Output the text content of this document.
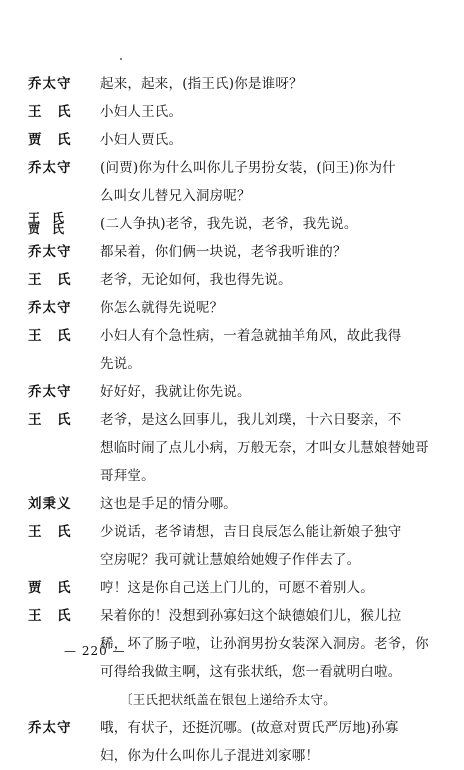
乔太守	起来，起来，(指王氏)你是谁呀？
王　氏	小妇人王氏。
贾　氏	小妇人贾氏。
乔太守	(问贾)你为什么叫你儿子男扮女装，(问王)你为什
么叫女儿替兄入洞房呢？
王　氏
贾　氏	(二人争执)老爷，我先说，老爷，我先说。
乔太守	都呆着，你们俩一块说，老爷我听谁的？
王　氏	老爷，无论如何，我也得先说。
乔太守	你怎么就得先说呢？
王　氏	小妇人有个急性病，一着急就抽羊角风，故此我得
先说。
乔太守	好好好，我就让你先说。
王　氏	老爷，是这么回事儿，我儿刘璞，十六日娶亲，不
想临时闹了点儿小病，万般无奈，才叫女儿慧娘替她哥
哥拜堂。
刘秉义	这也是手足的情分哪。
王　氏	少说话，老爷请想，吉日良辰怎么能让新娘子独守
空房呢？我可就让慧娘给她嫂子作伴去了。
贾　氏	哼！这是你自己送上门儿的，可愿不着别人。
王　氏	呆着你的！没想到孙寡妇这个缺德娘们儿，猴儿拉
稀，坏了肠子啦，让孙润男扮女装深入洞房。老爷，你
可得给我做主啊，这有张状纸，您一看就明白啦。
〔王氏把状纸盖在银包上递给乔太守。
乔太守	哦，有状子，还挺沉哪。(故意对贾氏严厉地)孙寡
妇，你为什么叫你儿子混进刘家哪！
— 220 —
